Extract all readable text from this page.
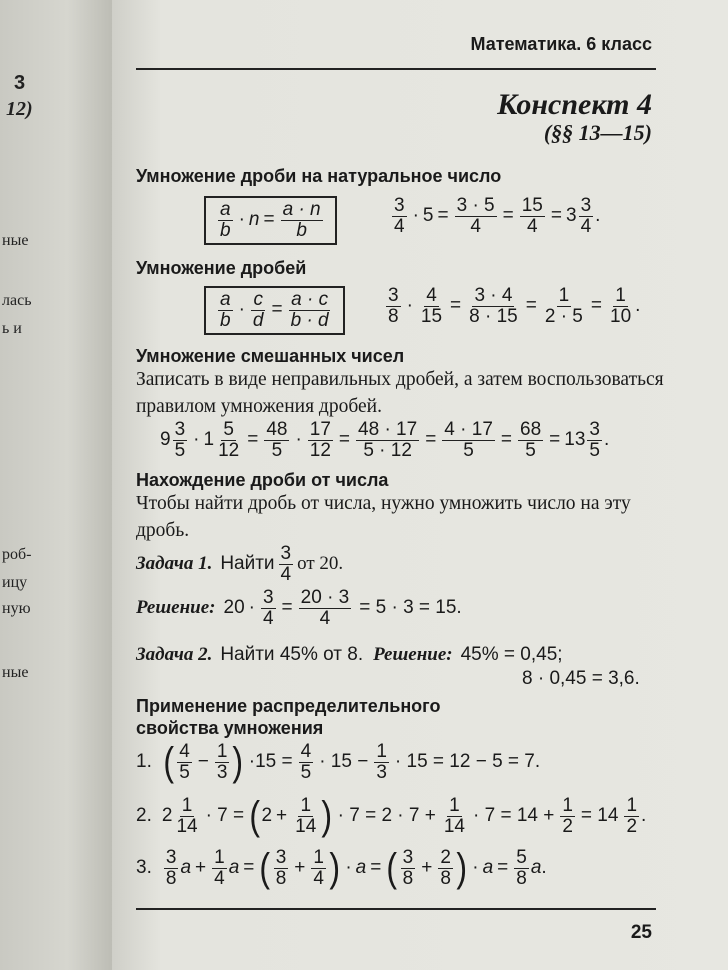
3
12)
ные
лась
ь и
роб-
ицу
ную
ные
Математика. 6 класс
Конспект 4
(§§ 13—15)
Умножение дроби на натуральное число
a
$b \cdot n = \frac{a \cdot n}{b}$	3
$4 \cdot 5 = \frac{3 \cdot 5}{4} = \frac{15}{4} = 3$ 3
4 .
Умножение дробей
a
$b \cdot \frac{c}{d} = \frac{a \cdot c}{b \cdot d}$	3
$8 \cdot \frac{4}{15} = \frac{3 \cdot 4}{8 \cdot 15} = \frac{1}{2 \cdot 5} = \frac{1}{10}$ .
Умножение смешанных чисел
Записать в виде неправильных дробей, а затем воспользоваться правилом умножения дробей.
9 3
$5 \cdot 1 \frac{5}{12} = \frac{48}{5} \cdot \frac{17}{12} = \frac{48 \cdot 17}{5 \cdot 12} = \frac{4 \cdot 17}{5} = \frac{68}{5} = 13$ 3
5 .
Нахождение дроби от числа
Чтобы найти дробь от числа, нужно умножить число на эту дробь.
Задача 1. Найти 3
4 от 20.
Решение: $20 \cdot \frac{3}{4} = \frac{20 \cdot 3}{4} = 5 \cdot 3 = 15$.
Задача 2. Найти 45% от 8. Решение: 45% = 0,45;
8 · 0,45 = 3,6.
Применение распределительного
свойства умножения
1. ( 4
$5 - \frac{1}{3}$ ) $\cdot 15 = \frac{4}{5} \cdot 15 - \frac{1}{3} \cdot 15 = 12 - 5 = 7$.
2. 2 1
14 · 7 = ( $2 + \frac{1}{14}$ ) · $7 = 2 \cdot 7 + \frac{1}{14} \cdot 7 = 14 + \frac{1}{2} = 14$ 1
2 .
3. 3
8 $a + \frac{1}{4}$ a = ( 3
$8 + \frac{1}{4}$ ) · a = ( 3
$8 + \frac{2}{8}$ ) · $a = \frac{5}{8}$ a .
25
